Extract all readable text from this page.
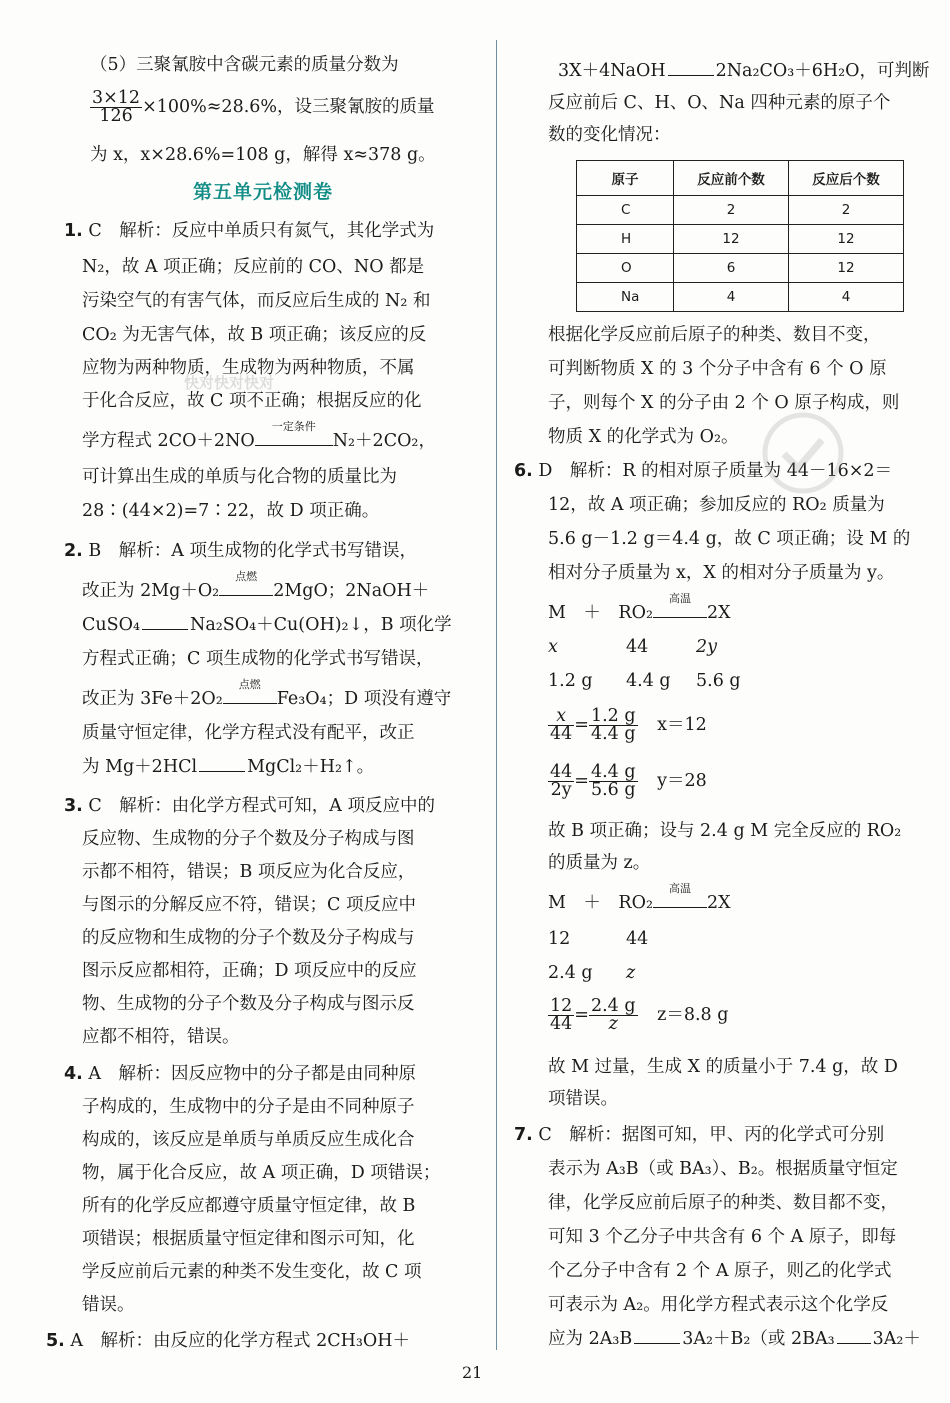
（5）三聚氰胺中含碳元素的质量分数为
$\frac{3\times 12}{126} \times 100\%\approx 28.6\%$，设三聚氰胺的质量
为 x，x×28.6%=108 g，解得 x≈378 g。
第五单元检测卷
1. C　解析：反应中单质只有氮气，其化学式为
N₂，故 A 项正确；反应前的 CO、NO 都是
污染空气的有害气体，而反应后生成的 N₂ 和
CO₂ 为无害气体，故 B 项正确；该反应的反
应物为两种物质，生成物为两种物质，不属
于化合反应，故 C 项不正确；根据反应的化
学方程式 2CO＋2NO
一定条件
N₂＋2CO₂，
可计算出生成的单质与化合物的质量比为
28∶(44×2)=7∶22，故 D 项正确。
2. B　解析：A 项生成物的化学式书写错误，
改正为 2Mg＋O₂
点燃
2MgO；2NaOH＋
CuSO₄	Na₂SO₄＋Cu(OH)₂↓，B 项化学
方程式正确；C 项生成物的化学式书写错误，
改正为 3Fe＋2O₂
点燃
Fe₃O₄；D 项没有遵守
质量守恒定律，化学方程式没有配平，改正
为 Mg＋2HCl	MgCl₂＋H₂↑。
3. C　解析：由化学方程式可知，A 项反应中的
反应物、生成物的分子个数及分子构成与图
示都不相符，错误；B 项反应为化合反应，
与图示的分解反应不符，错误；C 项反应中
的反应物和生成物的分子个数及分子构成与
图示反应都相符，正确；D 项反应中的反应
物、生成物的分子个数及分子构成与图示反
应都不相符，错误。
4. A　解析：因反应物中的分子都是由同种原
子构成的，生成物中的分子是由不同种原子
构成的，该反应是单质与单质反应生成化合
物，属于化合反应，故 A 项正确，D 项错误；
所有的化学反应都遵守质量守恒定律，故 B
项错误；根据质量守恒定律和图示可知，化
学反应前后元素的种类不发生变化，故 C 项
错误。
5. A　解析：由反应的化学方程式 2CH₃OH＋
3X＋4NaOH	2Na₂CO₃＋6H₂O，可判断
反应前后 C、H、O、Na 四种元素的原子个
数的变化情况：
原子	反应前个数	反应后个数
C	2	2
H	12	12
O	6	12
Na	4	4
根据化学反应前后原子的种类、数目不变，
可判断物质 X 的 3 个分子中含有 6 个 O 原
子，则每个 X 的分子由 2 个 O 原子构成，则
物质 X 的化学式为 O₂。
6. D　解析：R 的相对原子质量为 44－16×2＝
12，故 A 项正确；参加反应的 RO₂ 质量为
5.6 g－1.2 g＝4.4 g，故 C 项正确；设 M 的
相对分子质量为 x，X 的相对分子质量为 y。
M　＋　RO₂
高温
2X
x	44	2y
1.2 g 4.4 g 5.6 g
$\frac{x}{44} = \frac{1.2 g}{4.4 g} x=12$
$\frac{44}{2y} = \frac{4.4 g}{5.6 g} y=28$
故 B 项正确；设与 2.4 g M 完全反应的 RO₂
的质量为 z。
M　＋　RO₂
高温
2X
12	44
2.4 g z
$\frac{12}{44} = \frac{2.4 g}{z} z=8.8$ g
故 M 过量，生成 X 的质量小于 7.4 g，故 D
项错误。
7. C　解析：据图可知，甲、丙的化学式可分别
表示为 A₃B（或 BA₃）、B₂。根据质量守恒定
律，化学反应前后原子的种类、数目都不变，
可知 3 个乙分子中共含有 6 个 A 原子，即每
个乙分子中含有 2 个 A 原子，则乙的化学式
可表示为 A₂。用化学方程式表示这个化学反
应为 2A₃B	3A₂＋B₂（或 2BA₃ 3A₂＋
快对快对快对
21
